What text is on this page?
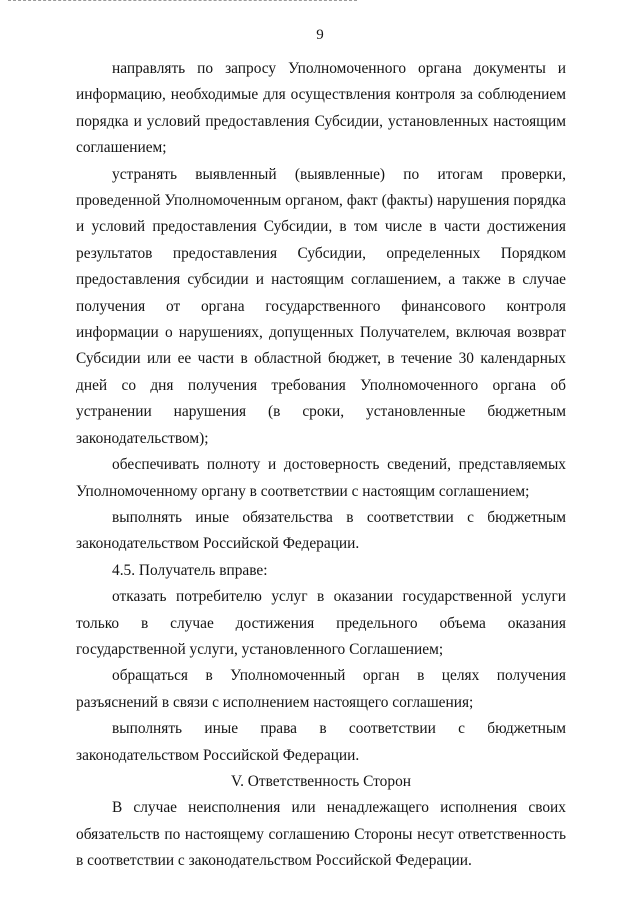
9

направлять по запросу Уполномоченного органа документы и информацию, необходимые для осуществления контроля за соблюдением порядка и условий предоставления Субсидии, установленных настоящим соглашением;

устранять выявленный (выявленные) по итогам проверки, проведенной Уполномоченным органом, факт (факты) нарушения порядка и условий предоставления Субсидии, в том числе в части достижения результатов предоставления Субсидии, определенных Порядком предоставления субсидии и настоящим соглашением, а также в случае получения от органа государственного финансового контроля информации о нарушениях, допущенных Получателем, включая возврат Субсидии или ее части в областной бюджет, в течение 30 календарных дней со дня получения требования Уполномоченного органа об устранении нарушения (в сроки, установленные бюджетным законодательством);

обеспечивать полноту и достоверность сведений, представляемых Уполномоченному органу в соответствии с настоящим соглашением;

выполнять иные обязательства в соответствии с бюджетным законодательством Российской Федерации.

4.5. Получатель вправе:

отказать потребителю услуг в оказании государственной услуги только в случае достижения предельного объема оказания государственной услуги, установленного Соглашением;

обращаться в Уполномоченный орган в целях получения разъяснений в связи с исполнением настоящего соглашения;

выполнять иные права в соответствии с бюджетным законодательством Российской Федерации.

V. Ответственность Сторон

В случае неисполнения или ненадлежащего исполнения своих обязательств по настоящему соглашению Стороны несут ответственность в соответствии с законодательством Российской Федерации.
